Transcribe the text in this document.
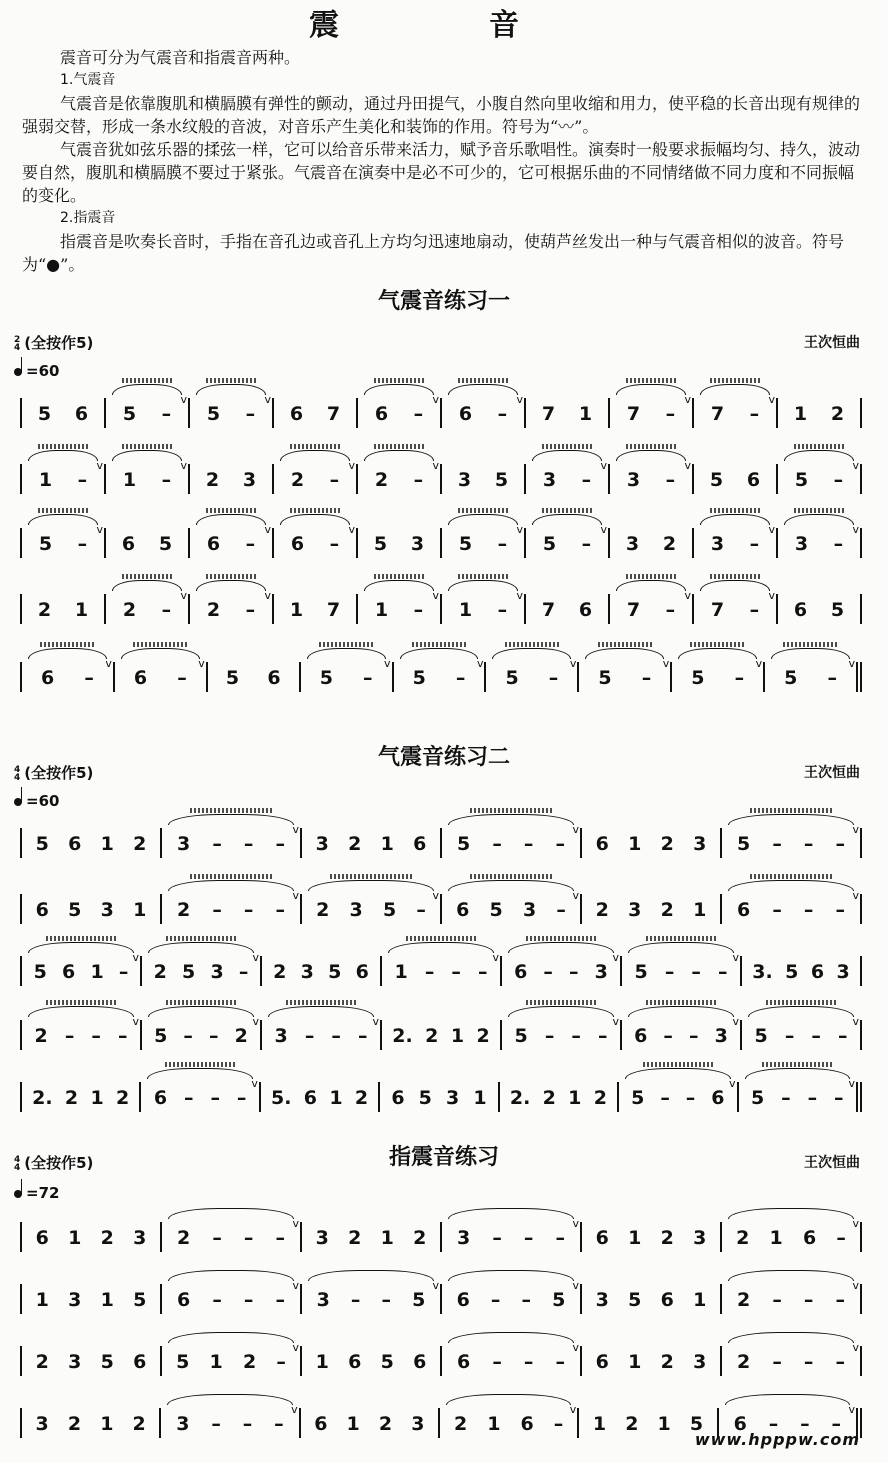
震　音

震音可分为气震音和指震音两种。

1.气震音

气震音是依靠腹肌和横膈膜有弹性的颤动，通过丹田提气，小腹自然向里收缩和用力，使平稳的长音出现有规律的强弱交替，形成一条水纹般的音波，对音乐产生美化和装饰的作用。符号为“〰”。

气震音犹如弦乐器的揉弦一样，它可以给音乐带来活力，赋予音乐歌唱性。演奏时一般要求振幅均匀、持久，波动要自然，腹肌和横膈膜不要过于紧张。气震音在演奏中是必不可少的，它可根据乐曲的不同情绪做不同力度和不同振幅的变化。

2.指震音

指震音是吹奏长音时，手指在音孔边或音孔上方均匀迅速地扇动，使葫芦丝发出一种与气震音相似的波音。符号为“●”。

气震音练习一
2
4 (全按作5)	王次恒曲
=60
5 6
v
5 –
v
5 – 6 7
v
6 –
v
6 – 7 1
v
7 –
v
7 – 1 2
v
1 –
v
1 – 2 3
v
2 –
v
2 – 3 5
v
3 –
v
3 – 5 6
v
5 –
v
5 – 6 5
v
6 –
v
6 – 5 3
v
5 –
v
5 – 3 2
v
3 –
v
3 –
2 1
v
2 –
v
2 – 1 7
v
1 –
v
1 – 7 6
v
7 –
v
7 – 6 5
v
6 –
v
6 – 5 6
v
5 –
v
5 –
v
5 –
v
5 –
v
5 –
v
5 –
气震音练习二
4
4 (全按作5)	王次恒曲
=60
5 6 1 2
v
3 – – – 3 2 1 6
v
5 – – – 6 1 2 3
v
5 – – –
6 5 3 1
v
2 – – –
v
2 3 5 –
v
6 5 3 – 2 3 2 1
v
6 – – –
v
5 6 1 –
v
2 5 3 – 2 3 5 6
v
1 – – –
v
6 – – 3
v
5 – – – 3. 5 6 3
v
2 – – –
v
5 – – 2
v
3 – – – 2. 2 1 2
v
5 – – –
v
6 – – 3
v
5 – – –
2. 2 1 2
v
6 – – – 5. 6 1 2 6 5 3 1 2. 2 1 2
v
5 – – 6
v
5 – – –
指震音练习
4
4 (全按作5)	王次恒曲
=72
6 1 2 3
v
2 – – – 3 2 1 2
v
3 – – – 6 1 2 3
v
2 1 6 –
1 3 1 5
v
6 – – –
v
3 – – 5
v
6 – – 5 3 5 6 1
v
2 – – –
2 3 5 6
v
5 1 2 – 1 6 5 6
v
6 – – – 6 1 2 3
v
2 – – –
3 2 1 2
v
3 – – – 6 1 2 3
v
2 1 6 – 1 2 1 5
v
6 – – –
www.hpppw.com
